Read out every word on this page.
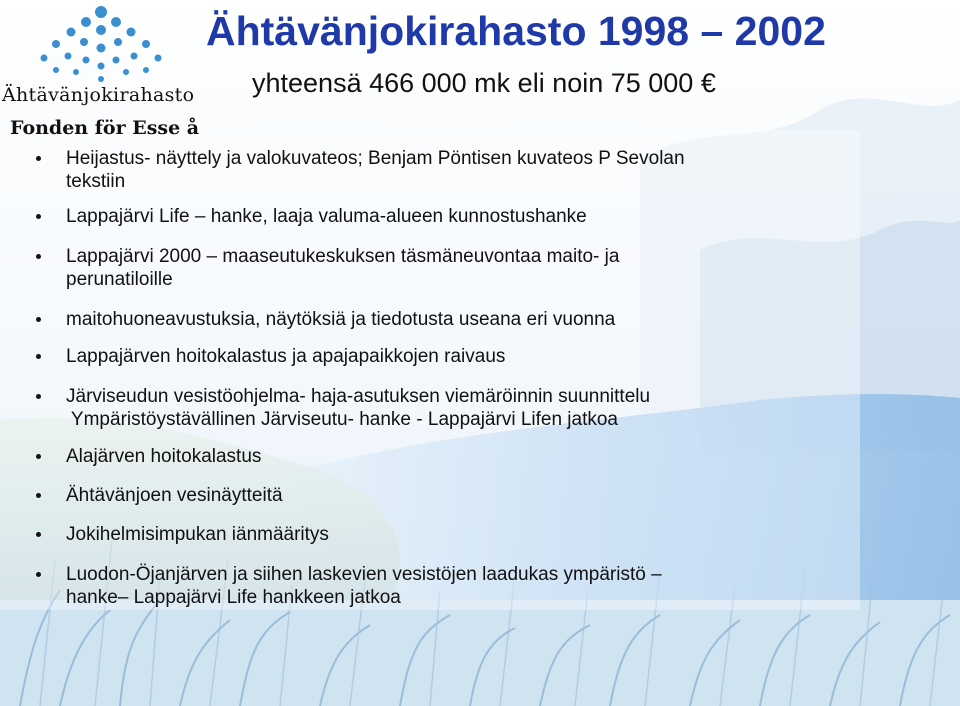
Ähtävänjokirahasto
Fonden för Esse å
Ähtävänjokirahasto 1998 – 2002
yhteensä 466 000 mk eli noin 75 000 €
Heijastus- näyttely ja valokuvateos; Benjam Pöntisen kuvateos P Sevolan
tekstiin
Lappajärvi Life – hanke, laaja valuma-alueen kunnostushanke
Lappajärvi 2000 – maaseutukeskuksen täsmäneuvontaa maito- ja
perunatiloille
maitohuoneavustuksia, näytöksiä ja tiedotusta useana eri vuonna
Lappajärven hoitokalastus ja apajapaikkojen raivaus
Järviseudun vesistöohjelma- haja-asutuksen viemäröinnin suunnittelu
Ympäristöystävällinen Järviseutu- hanke - Lappajärvi Lifen jatkoa
Alajärven hoitokalastus
Ähtävänjoen vesinäytteitä
Jokihelmisimpukan iänmääritys
Luodon-Öjanjärven ja siihen laskevien vesistöjen laadukas ympäristö –
hanke– Lappajärvi Life hankkeen jatkoa
